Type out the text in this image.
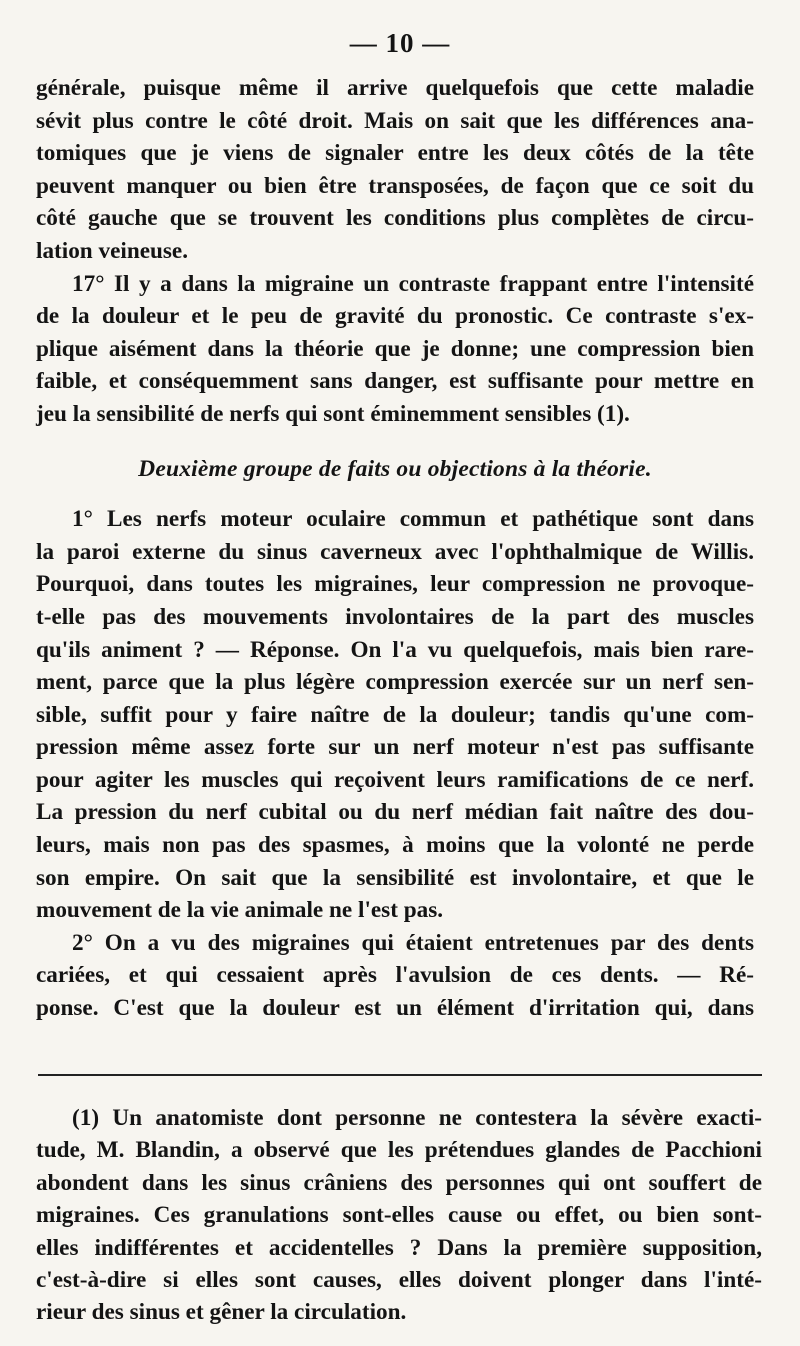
— 10 —

générale, puisque même il arrive quelquefois que cette maladie
sévit plus contre le côté droit. Mais on sait que les différences ana-
tomiques que je viens de signaler entre les deux côtés de la tête
peuvent manquer ou bien être transposées, de façon que ce soit du
côté gauche que se trouvent les conditions plus complètes de circu-
lation veineuse.

17° Il y a dans la migraine un contraste frappant entre l'intensité
de la douleur et le peu de gravité du pronostic. Ce contraste s'ex-
plique aisément dans la théorie que je donne; une compression bien
faible, et conséquemment sans danger, est suffisante pour mettre en
jeu la sensibilité de nerfs qui sont éminemment sensibles (1).

Deuxième groupe de faits ou objections à la théorie.

1° Les nerfs moteur oculaire commun et pathétique sont dans
la paroi externe du sinus caverneux avec l'ophthalmique de Willis.
Pourquoi, dans toutes les migraines, leur compression ne provoque-
t-elle pas des mouvements involontaires de la part des muscles
qu'ils animent ? — Réponse. On l'a vu quelquefois, mais bien rare-
ment, parce que la plus légère compression exercée sur un nerf sen-
sible, suffit pour y faire naître de la douleur; tandis qu'une com-
pression même assez forte sur un nerf moteur n'est pas suffisante
pour agiter les muscles qui reçoivent leurs ramifications de ce nerf.
La pression du nerf cubital ou du nerf médian fait naître des dou-
leurs, mais non pas des spasmes, à moins que la volonté ne perde
son empire. On sait que la sensibilité est involontaire, et que le
mouvement de la vie animale ne l'est pas.

2° On a vu des migraines qui étaient entretenues par des dents
cariées, et qui cessaient après l'avulsion de ces dents. — Ré-
ponse. C'est que la douleur est un élément d'irritation qui, dans

(1) Un anatomiste dont personne ne contestera la sévère exacti-
tude, M. Blandin, a observé que les prétendues glandes de Pacchioni
abondent dans les sinus crâniens des personnes qui ont souffert de
migraines. Ces granulations sont-elles cause ou effet, ou bien sont-
elles indifférentes et accidentelles ? Dans la première supposition,
c'est-à-dire si elles sont causes, elles doivent plonger dans l'inté-
rieur des sinus et gêner la circulation.
